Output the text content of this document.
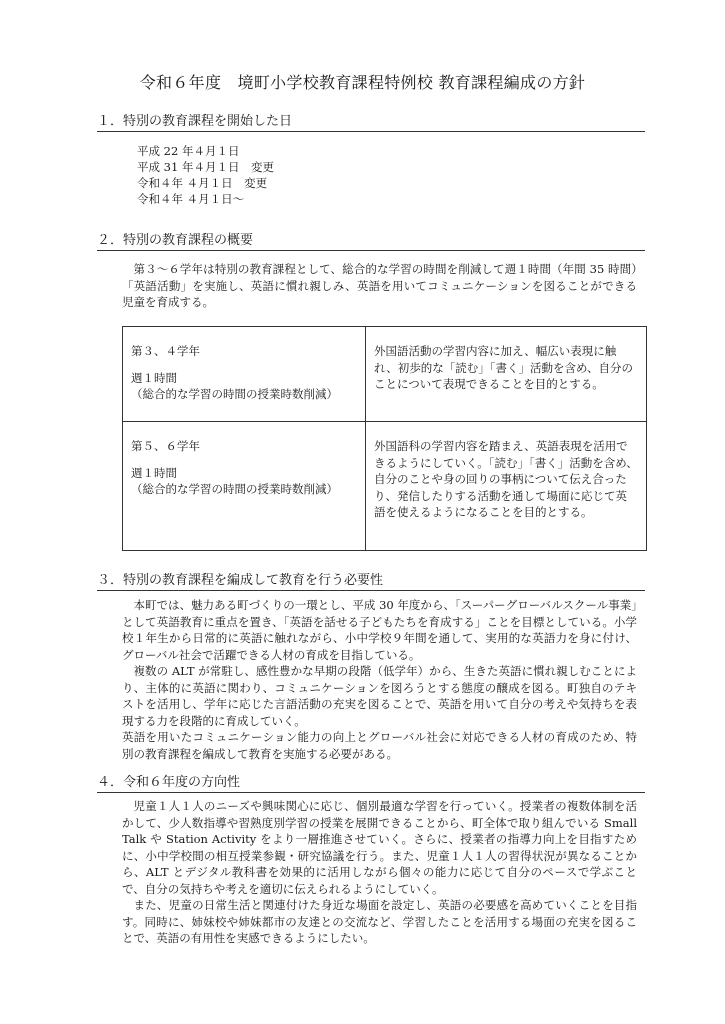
令和６年度　境町小学校教育課程特例校 教育課程編成の方針
１．特別の教育課程を開始した日
平成 22 年４月１日
平成 31 年４月１日　変更
令和４年 ４月１日　変更
令和４年 ４月１日～
２．特別の教育課程の概要

第３～６学年は特別の教育課程として、総合的な学習の時間を削減して週１時間（年間 35 時間）「英語活動」を実施し、英語に慣れ親しみ、英語を用いてコミュニケーションを図ることができる児童を育成する。

第３、４学年
週１時間
（総合的な学習の時間の授業時数削減）	外国語活動の学習内容に加え、幅広い表現に触れ、初歩的な「読む」「書く」活動を含め、自分のことについて表現できることを目的とする。

第５、６学年
週１時間
（総合的な学習の時間の授業時数削減）	外国語科の学習内容を踏まえ、英語表現を活用できるようにしていく。「読む」「書く」活動を含め、自分のことや身の回りの事柄について伝え合ったり、発信したりする活動を通して場面に応じて英語を使えるようになることを目的とする。
３．特別の教育課程を編成して教育を行う必要性

本町では、魅力ある町づくりの一環とし、平成 30 年度から、「スーパーグローバルスクール事業」として英語教育に重点を置き、「英語を話せる子どもたちを育成する」ことを目標としている。小学校１年生から日常的に英語に触れながら、小中学校９年間を通して、実用的な英語力を身に付け、 グローバル社会で活躍できる人材の育成を目指している。

複数の ALT が常駐し、感性豊かな早期の段階（低学年）から、生きた英語に慣れ親しむことにより、主体的に英語に関わり、コミュニケーションを図ろうとする態度の醸成を図る。町独自のテキストを活用し、学年に応じた言語活動の充実を図ることで、英語を用いて自分の考えや気持ちを表現する力を段階的に育成していく。

英語を用いたコミュニケーション能力の向上とグローバル社会に対応できる人材の育成のため、特別の教育課程を編成して教育を実施する必要がある。

４．令和６年度の方向性

児童１人１人のニーズや興味関心に応じ、個別最適な学習を行っていく。授業者の複数体制を活かして、少人数指導や習熟度別学習の授業を展開できることから、町全体で取り組んでいる Small Talk や Station Activity をより一層推進させていく。さらに、授業者の指導力向上を目指すために、小中学校間の相互授業参観・研究協議を行う。また、児童１人１人の習得状況が異なることから、ALT とデジタル教科書を効果的に活用しながら個々の能力に応じて自分のペースで学ぶことで、自分の気持ちや考えを適切に伝えられるようにしていく。

また、児童の日常生活と関連付けた身近な場面を設定し、英語の必要感を高めていくことを目指す。同時に、姉妹校や姉妹都市の友達との交流など、学習したことを活用する場面の充実を図ることで、英語の有用性を実感できるようにしたい。
